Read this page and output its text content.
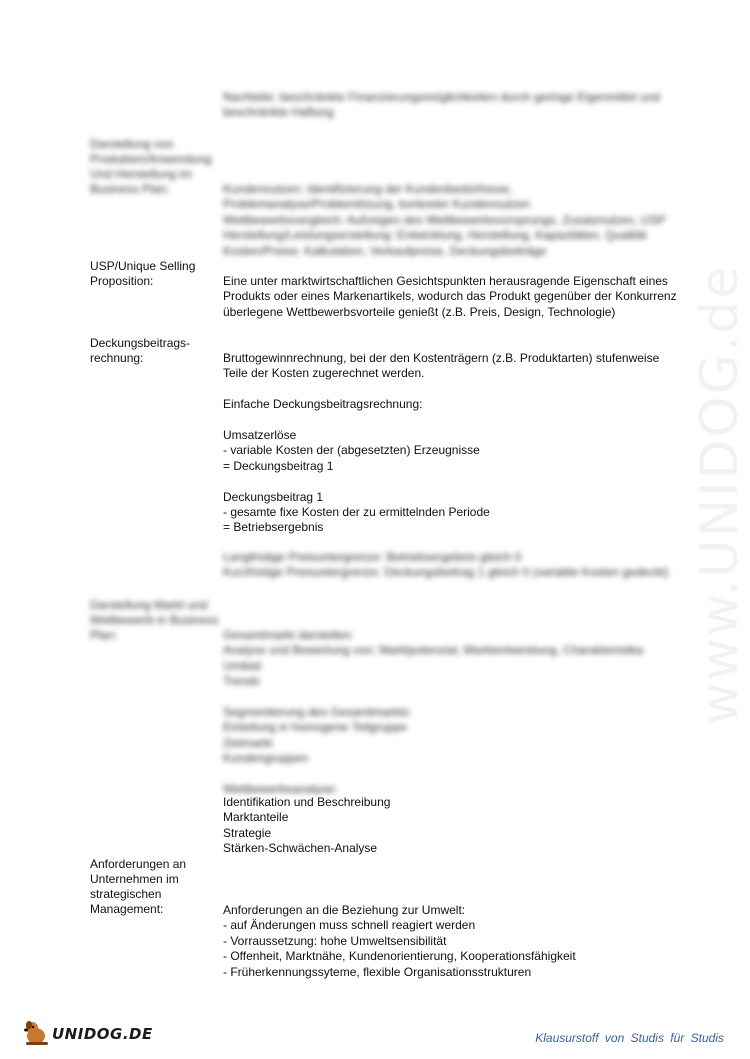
Nachteile: beschränkte Finanzierungsmöglichkeiten durch geringe Eigenmittel und
beschränkte Haftung
Darstellung von
Produkten/Anwendung
Und Herstellung im
Business Plan:	Kundennutzen: Identifizierung der Kundenbedürfnisse,
Problemanalyse/Problemlösung, konkreter Kundennutzen
Wettbewerbsvergleich: Aufzeigen des Wettbewerbsvorsprungs, Zusatznutzen, USP
Herstellung/Leistungserstellung: Entwicklung, Herstellung, Kapazitäten, Qualität
Kosten/Preise: Kalkulation, Verkaufpreise, Deckungsbeiträge
USP/Unique Selling
Proposition:	Eine unter marktwirtschaftlichen Gesichtspunkten herausragende Eigenschaft eines
Produkts oder eines Markenartikels, wodurch das Produkt gegenüber der Konkurrenz
überlegene Wettbewerbsvorteile genießt (z.B. Preis, Design, Technologie)
Deckungsbeitrags-
rechnung:	Bruttogewinnrechnung, bei der den Kostenträgern (z.B. Produktarten) stufenweise
Teile der Kosten zugerechnet werden.
Einfache Deckungsbeitragsrechnung:
Umsatzerlöse
- variable Kosten der (abgesetzten) Erzeugnisse
= Deckungsbeitrag 1
Deckungsbeitrag 1
- gesamte fixe Kosten der zu ermittelnden Periode
= Betriebsergebnis
Langfristige Preisuntergrenze: Betriebsergebnis gleich 0
Kurzfristige Preisuntergrenze: Deckungsbeitrag 1 gleich 0 (variable Kosten gedeckt)
Darstellung Markt und
Wettbewerb in Business
Plan:	Gesamtmarkt darstellen:
Analyse und Bewertung von: Marktpotenzial, Marktentwicklung, Charakteristika
Umfeld
Trends
Segmentierung des Gesamtmarkts:
Einteilung in homogene Teilgruppe
Zielmarkt
Kundengruppen
Wettbewerbsanalyse:
Identifikation und Beschreibung
Marktanteile
Strategie
Stärken-Schwächen-Analyse
Anforderungen an
Unternehmen im
strategischen
Management:	Anforderungen an die Beziehung zur Umwelt:
- auf Änderungen muss schnell reagiert werden
- Vorraussetzung: hohe Umweltsensibilität
- Offenheit, Marktnähe, Kundenorientierung, Kooperationsfähigkeit
- Früherkennungssyteme, flexible Organisationsstrukturen
www.UNIDOG.de
UNIDOG.DE	Klausurstoff von Studis für Studis
